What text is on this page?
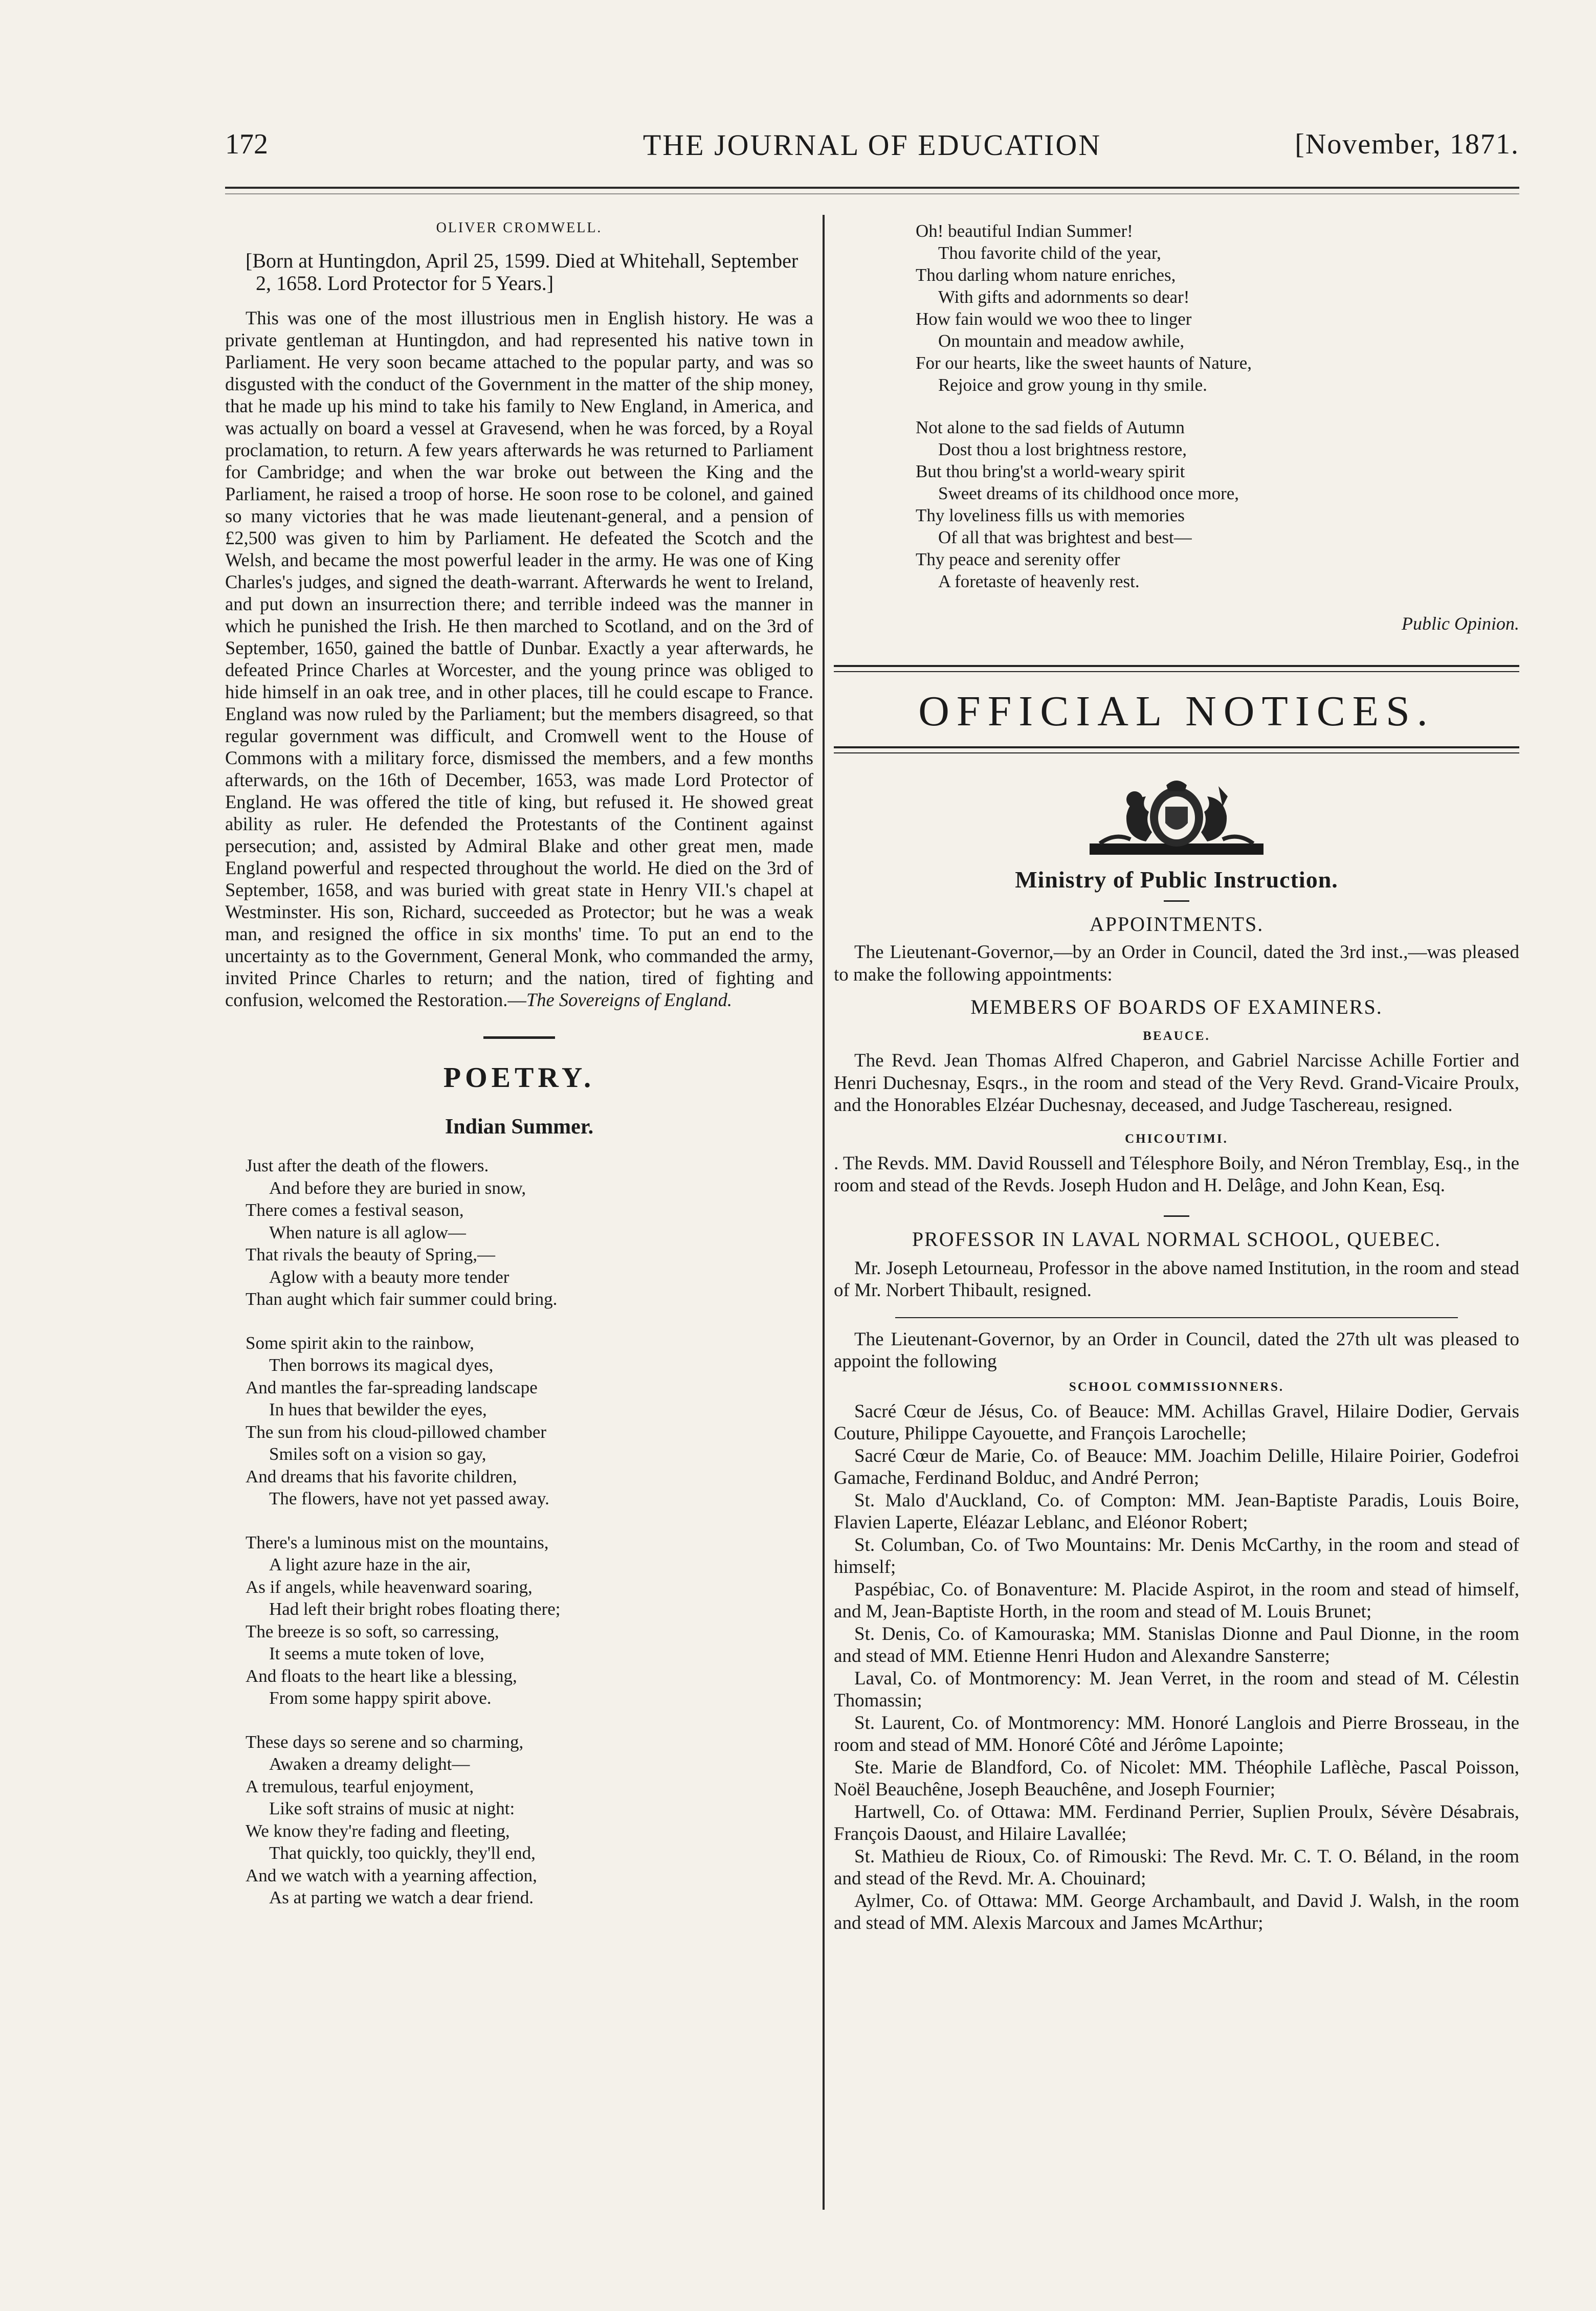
172	THE JOURNAL OF EDUCATION	[November, 1871.
OLIVER CROMWELL.

[Born at Huntingdon, April 25, 1599. Died at Whitehall, September 2, 1658. Lord Protector for 5 Years.]

This was one of the most illustrious men in English history. He was a private gentleman at Huntingdon, and had represented his native town in Parliament. He very soon became attached to the popular party, and was so disgusted with the conduct of the Government in the matter of the ship money, that he made up his mind to take his family to New England, in America, and was actually on board a vessel at Gravesend, when he was forced, by a Royal proclamation, to return. A few years afterwards he was returned to Parliament for Cambridge; and when the war broke out between the King and the Parliament, he raised a troop of horse. He soon rose to be colonel, and gained so many victories that he was made lieutenant-general, and a pension of £2,500 was given to him by Parliament. He defeated the Scotch and the Welsh, and became the most powerful leader in the army. He was one of King Charles's judges, and signed the death-warrant. Afterwards he went to Ireland, and put down an insurrection there; and terrible indeed was the manner in which he punished the Irish. He then marched to Scotland, and on the 3rd of September, 1650, gained the battle of Dunbar. Exactly a year afterwards, he defeated Prince Charles at Worcester, and the young prince was obliged to hide himself in an oak tree, and in other places, till he could escape to France. England was now ruled by the Parliament; but the members disagreed, so that regular government was difficult, and Cromwell went to the House of Commons with a military force, dismissed the members, and a few months afterwards, on the 16th of December, 1653, was made Lord Protector of England. He was offered the title of king, but refused it. He showed great ability as ruler. He defended the Protestants of the Continent against persecution; and, assisted by Admiral Blake and other great men, made England powerful and respected throughout the world. He died on the 3rd of September, 1658, and was buried with great state in Henry VII.'s chapel at Westminster. His son, Richard, succeeded as Protector; but he was a weak man, and resigned the office in six months' time. To put an end to the uncertainty as to the Government, General Monk, who commanded the army, invited Prince Charles to return; and the nation, tired of fighting and confusion, welcomed the Restoration.—The Sovereigns of England.

POETRY.
Indian Summer.
Just after the death of the flowers.
And before they are buried in snow,
There comes a festival season,
When nature is all aglow—
That rivals the beauty of Spring,—
Aglow with a beauty more tender
Than aught which fair summer could bring.
Some spirit akin to the rainbow,
Then borrows its magical dyes,
And mantles the far-spreading landscape
In hues that bewilder the eyes,
The sun from his cloud-pillowed chamber
Smiles soft on a vision so gay,
And dreams that his favorite children,
The flowers, have not yet passed away.
There's a luminous mist on the mountains,
A light azure haze in the air,
As if angels, while heavenward soaring,
Had left their bright robes floating there;
The breeze is so soft, so carressing,
It seems a mute token of love,
And floats to the heart like a blessing,
From some happy spirit above.
These days so serene and so charming,
Awaken a dreamy delight—
A tremulous, tearful enjoyment,
Like soft strains of music at night:
We know they're fading and fleeting,
That quickly, too quickly, they'll end,
And we watch with a yearning affection,
As at parting we watch a dear friend.
Oh! beautiful Indian Summer!
Thou favorite child of the year,
Thou darling whom nature enriches,
With gifts and adornments so dear!
How fain would we woo thee to linger
On mountain and meadow awhile,
For our hearts, like the sweet haunts of Nature,
Rejoice and grow young in thy smile.
Not alone to the sad fields of Autumn
Dost thou a lost brightness restore,
But thou bring'st a world-weary spirit
Sweet dreams of its childhood once more,
Thy loveliness fills us with memories
Of all that was brightest and best—
Thy peace and serenity offer
A foretaste of heavenly rest.
Public Opinion.
OFFICIAL NOTICES.
Ministry of Public Instruction.
APPOINTMENTS.

The Lieutenant-Governor,—by an Order in Council, dated the 3rd inst.,—was pleased to make the following appointments:

MEMBERS OF BOARDS OF EXAMINERS.
BEAUCE.

The Revd. Jean Thomas Alfred Chaperon, and Gabriel Narcisse Achille Fortier and Henri Duchesnay, Esqrs., in the room and stead of the Very Revd. Grand-Vicaire Proulx, and the Honorables Elzéar Duchesnay, deceased, and Judge Taschereau, resigned.

CHICOUTIMI.

. The Revds. MM. David Roussell and Télesphore Boily, and Néron Tremblay, Esq., in the room and stead of the Revds. Joseph Hudon and H. Delâge, and John Kean, Esq.

PROFESSOR IN LAVAL NORMAL SCHOOL, QUEBEC.

Mr. Joseph Letourneau, Professor in the above named Institution, in the room and stead of Mr. Norbert Thibault, resigned.

The Lieutenant-Governor, by an Order in Council, dated the 27th ult was pleased to appoint the following

SCHOOL COMMISSIONNERS.

Sacré Cœur de Jésus, Co. of Beauce: MM. Achillas Gravel, Hilaire Dodier, Gervais Couture, Philippe Cayouette, and François Larochelle;

Sacré Cœur de Marie, Co. of Beauce: MM. Joachim Delille, Hilaire Poirier, Godefroi Gamache, Ferdinand Bolduc, and André Perron;

St. Malo d'Auckland, Co. of Compton: MM. Jean-Baptiste Paradis, Louis Boire, Flavien Laperte, Eléazar Leblanc, and Eléonor Robert;

St. Columban, Co. of Two Mountains: Mr. Denis McCarthy, in the room and stead of himself;

Paspébiac, Co. of Bonaventure: M. Placide Aspirot, in the room and stead of himself, and M, Jean-Baptiste Horth, in the room and stead of M. Louis Brunet;

St. Denis, Co. of Kamouraska; MM. Stanislas Dionne and Paul Dionne, in the room and stead of MM. Etienne Henri Hudon and Alexandre Sansterre;

Laval, Co. of Montmorency: M. Jean Verret, in the room and stead of M. Célestin Thomassin;

St. Laurent, Co. of Montmorency: MM. Honoré Langlois and Pierre Brosseau, in the room and stead of MM. Honoré Côté and Jérôme Lapointe;

Ste. Marie de Blandford, Co. of Nicolet: MM. Théophile Laflèche, Pascal Poisson, Noël Beauchêne, Joseph Beauchêne, and Joseph Fournier;

Hartwell, Co. of Ottawa: MM. Ferdinand Perrier, Suplien Proulx, Sévère Désabrais, François Daoust, and Hilaire Lavallée;

St. Mathieu de Rioux, Co. of Rimouski: The Revd. Mr. C. T. O. Béland, in the room and stead of the Revd. Mr. A. Chouinard;

Aylmer, Co. of Ottawa: MM. George Archambault, and David J. Walsh, in the room and stead of MM. Alexis Marcoux and James McArthur;
